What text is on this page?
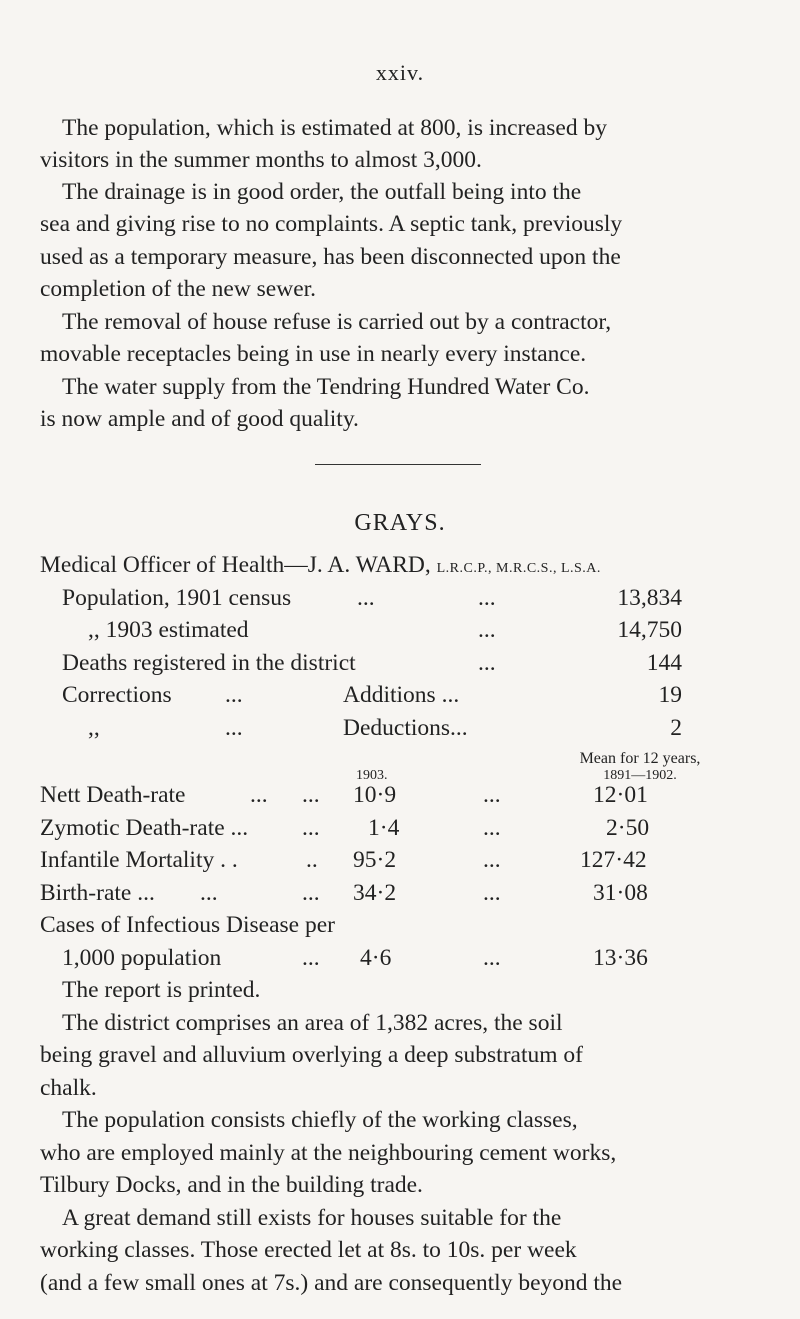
xxiv.
The population, which is estimated at 800, is increased by
visitors in the summer months to almost 3,000.
The drainage is in good order, the outfall being into the
sea and giving rise to no complaints. A septic tank, previously
used as a temporary measure, has been disconnected upon the
completion of the new sewer.
The removal of house refuse is carried out by a contractor,
movable receptacles being in use in nearly every instance.
The water supply from the Tendring Hundred Water Co.
is now ample and of good quality.
GRAYS.
Medical Officer of Health—J. A. WARD, L.R.C.P., M.R.C.S., L.S.A.
Population, 1901 census	...	...	13,834
,, 1903 estimated	...	14,750
Deaths registered in the district	...	144
Corrections ...	Additions ...	19
,,	...	Deductions...	2
1903.
Mean for 12 years,
1891—1902.
Nett Death-rate	... ... 10·9	...	12·01
Zymotic Death-rate ... ... 1·4	...	2·50
Infantile Mortality . .	.. 95·2	...	127·42
Birth-rate ... ...	... 34·2	...	31·08
Cases of Infectious Disease per
1,000 population	... 4·6	...	13·36
The report is printed.
The district comprises an area of 1,382 acres, the soil
being gravel and alluvium overlying a deep substratum of
chalk.
The population consists chiefly of the working classes,
who are employed mainly at the neighbouring cement works,
Tilbury Docks, and in the building trade.
A great demand still exists for houses suitable for the
working classes. Those erected let at 8s. to 10s. per week
(and a few small ones at 7s.) and are consequently beyond the
